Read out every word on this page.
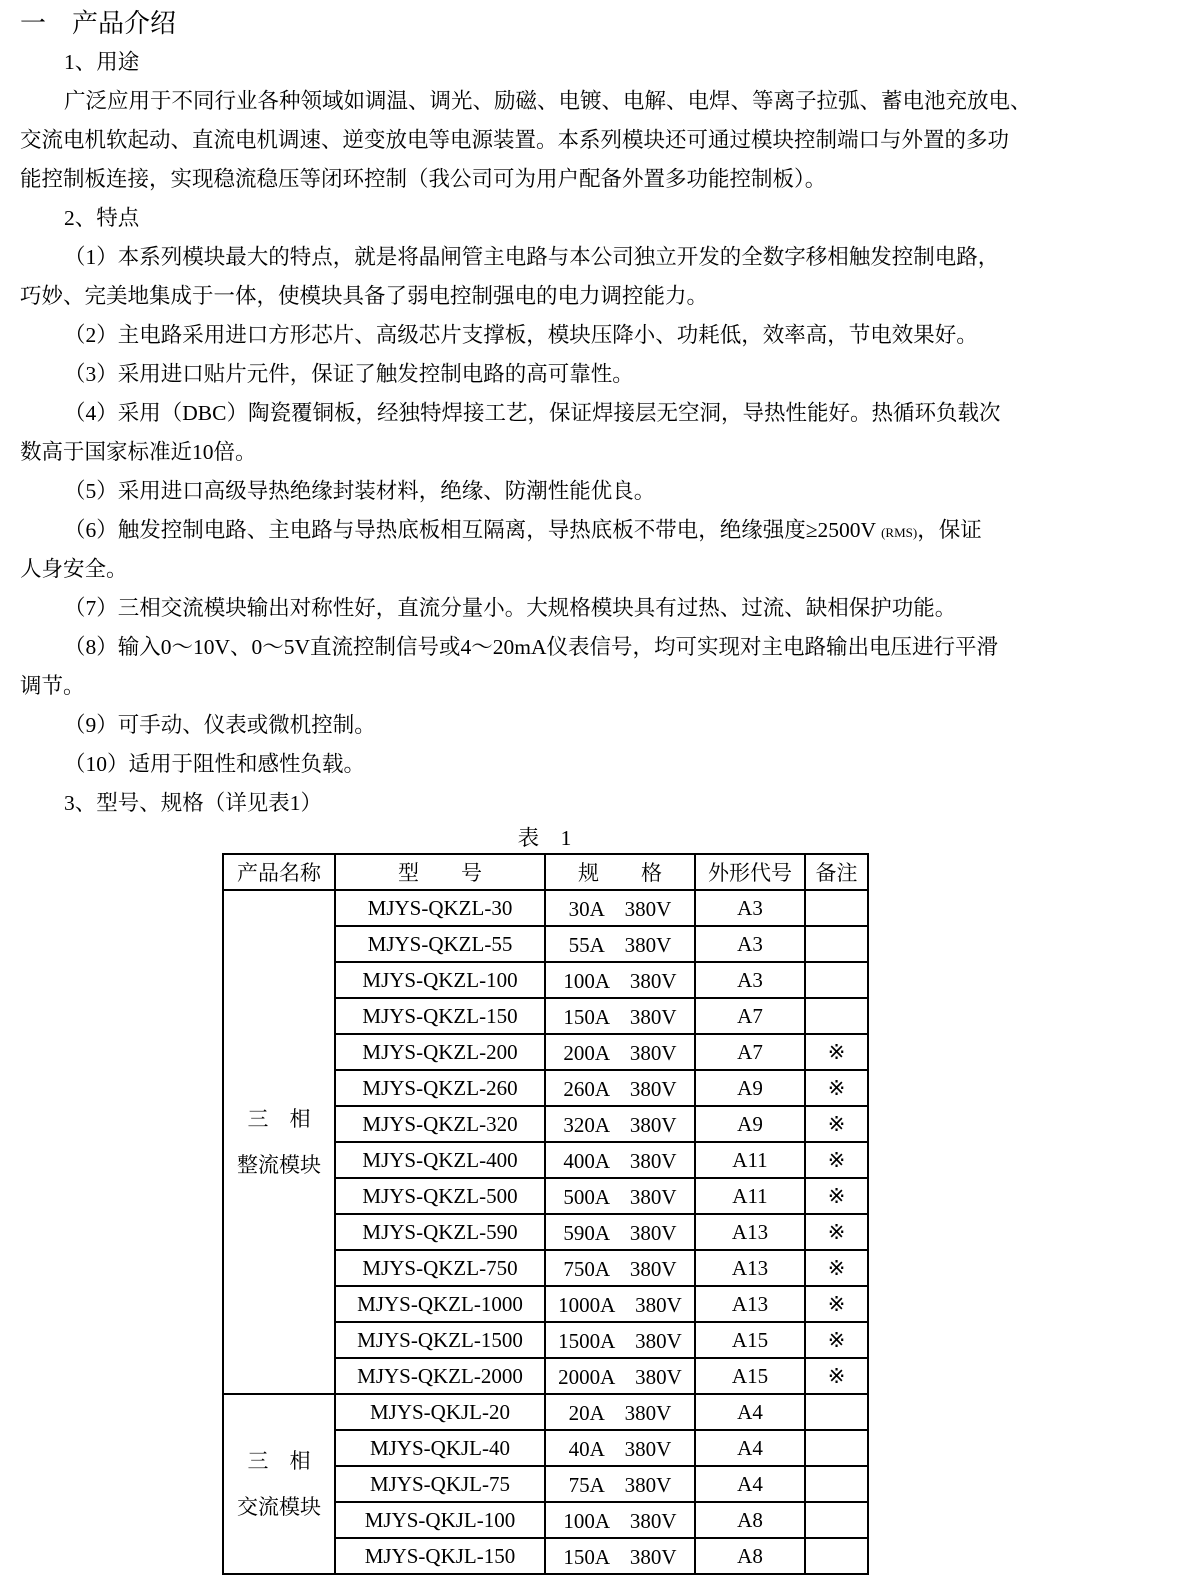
一　产品介绍
1、用途
广泛应用于不同行业各种领域如调温、调光、励磁、电镀、电解、电焊、等离子拉弧、蓄电池充放电、
交流电机软起动、直流电机调速、逆变放电等电源装置。本系列模块还可通过模块控制端口与外置的多功
能控制板连接，实现稳流稳压等闭环控制（我公司可为用户配备外置多功能控制板）。
2、特点
（1）本系列模块最大的特点，就是将晶闸管主电路与本公司独立开发的全数字移相触发控制电路，
巧妙、完美地集成于一体，使模块具备了弱电控制强电的电力调控能力。
（2）主电路采用进口方形芯片、高级芯片支撑板，模块压降小、功耗低，效率高，节电效果好。
（3）采用进口贴片元件，保证了触发控制电路的高可靠性。
（4）采用（DBC）陶瓷覆铜板，经独特焊接工艺，保证焊接层无空洞，导热性能好。热循环负载次
数高于国家标准近10倍。
（5）采用进口高级导热绝缘封装材料，绝缘、防潮性能优良。
（6）触发控制电路、主电路与导热底板相互隔离，导热底板不带电，绝缘强度≥2500V (RMS)，保证
人身安全。
（7）三相交流模块输出对称性好，直流分量小。大规格模块具有过热、过流、缺相保护功能。
（8）输入0～10V、0～5V直流控制信号或4～20mA仪表信号，均可实现对主电路输出电压进行平滑
调节。
（9）可手动、仪表或微机控制。
（10）适用于阻性和感性负载。
3、型号、规格（详见表1）
表　1
产品名称	型　　号	规　　格	外形代号	备注

三　相
整流模块	MJYS-QKZL-30	30A　380V	A3	
	MJYS-QKZL-55	55A　380V	A3	
	MJYS-QKZL-100	100A　380V	A3	
	MJYS-QKZL-150	150A　380V	A7	
	MJYS-QKZL-200	200A　380V	A7	※
	MJYS-QKZL-260	260A　380V	A9	※
	MJYS-QKZL-320	320A　380V	A9	※
	MJYS-QKZL-400	400A　380V	A11	※
	MJYS-QKZL-500	500A　380V	A11	※
	MJYS-QKZL-590	590A　380V	A13	※
	MJYS-QKZL-750	750A　380V	A13	※
	MJYS-QKZL-1000	1000A　380V	A13	※
	MJYS-QKZL-1500	1500A　380V	A15	※
	MJYS-QKZL-2000	2000A　380V	A15	※

三　相
交流模块	MJYS-QKJL-20	20A　380V	A4	
	MJYS-QKJL-40	40A　380V	A4	
	MJYS-QKJL-75	75A　380V	A4	
	MJYS-QKJL-100	100A　380V	A8	
	MJYS-QKJL-150	150A　380V	A8	
